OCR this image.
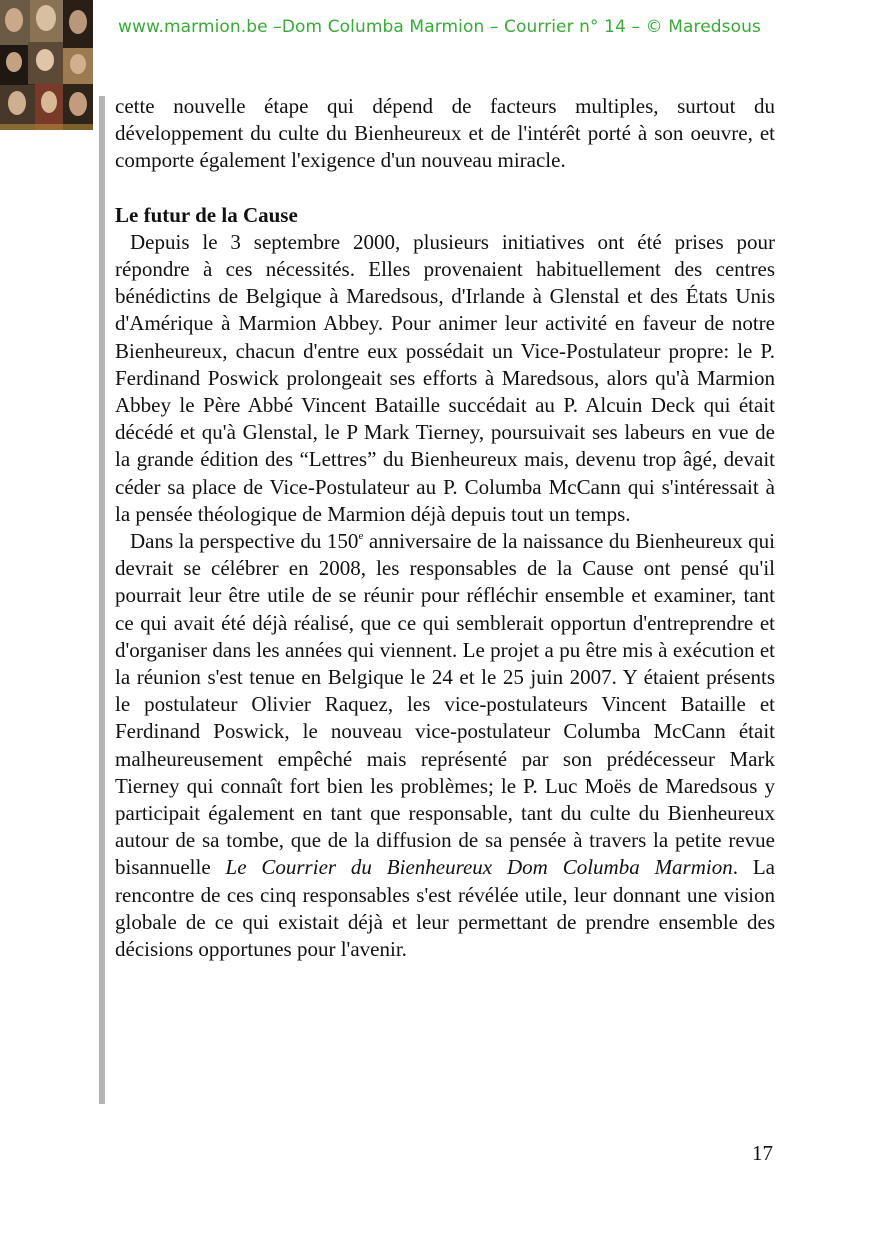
www.marmion.be –Dom Columba Marmion – Courrier n° 14 – © Maredsous

cette nouvelle étape qui dépend de facteurs multiples, surtout du développement du culte du Bienheureux et de l'intérêt porté à son oeuvre, et comporte également l'exigence d'un nouveau miracle.

Le futur de la Cause

Depuis le 3 septembre 2000, plusieurs initiatives ont été prises pour répondre à ces nécessités. Elles provenaient habituellement des centres bénédictins de Belgique à Maredsous, d'Irlande à Glenstal et des États Unis d'Amérique à Marmion Abbey. Pour animer leur activité en faveur de notre Bienheureux, chacun d'entre eux possédait un Vice-Postulateur propre: le P. Ferdinand Poswick prolongeait ses efforts à Maredsous, alors qu'à Marmion Abbey le Père Abbé Vincent Bataille succédait au P. Alcuin Deck qui était décédé et qu'à Glenstal, le P Mark Tierney, poursuivait ses labeurs en vue de la grande édition des “Lettres” du Bienheureux mais, devenu trop âgé, devait céder sa place de Vice-Postulateur au P. Columba McCann qui s'intéressait à la pensée théologique de Marmion déjà depuis tout un temps.

Dans la perspective du 150e anniversaire de la naissance du Bienheureux qui devrait se célébrer en 2008, les responsables de la Cause ont pensé qu'il pourrait leur être utile de se réunir pour réfléchir ensemble et examiner, tant ce qui avait été déjà réalisé, que ce qui semblerait opportun d'entreprendre et d'organiser dans les années qui viennent. Le projet a pu être mis à exécution et la réunion s'est tenue en Belgique le 24 et le 25 juin 2007. Y étaient présents le postulateur Olivier Raquez, les vice-postulateurs Vincent Bataille et Ferdinand Poswick, le nouveau vice-postulateur Columba McCann était malheureusement empêché mais représenté par son prédécesseur Mark Tierney qui connaît fort bien les problèmes; le P. Luc Moës de Maredsous y participait également en tant que responsable, tant du culte du Bienheureux autour de sa tombe, que de la diffusion de sa pensée à travers la petite revue bisannuelle Le Courrier du Bienheureux Dom Columba Marmion. La rencontre de ces cinq responsables s'est révélée utile, leur donnant une vision globale de ce qui existait déjà et leur permettant de prendre ensemble des décisions opportunes pour l'avenir.

17
